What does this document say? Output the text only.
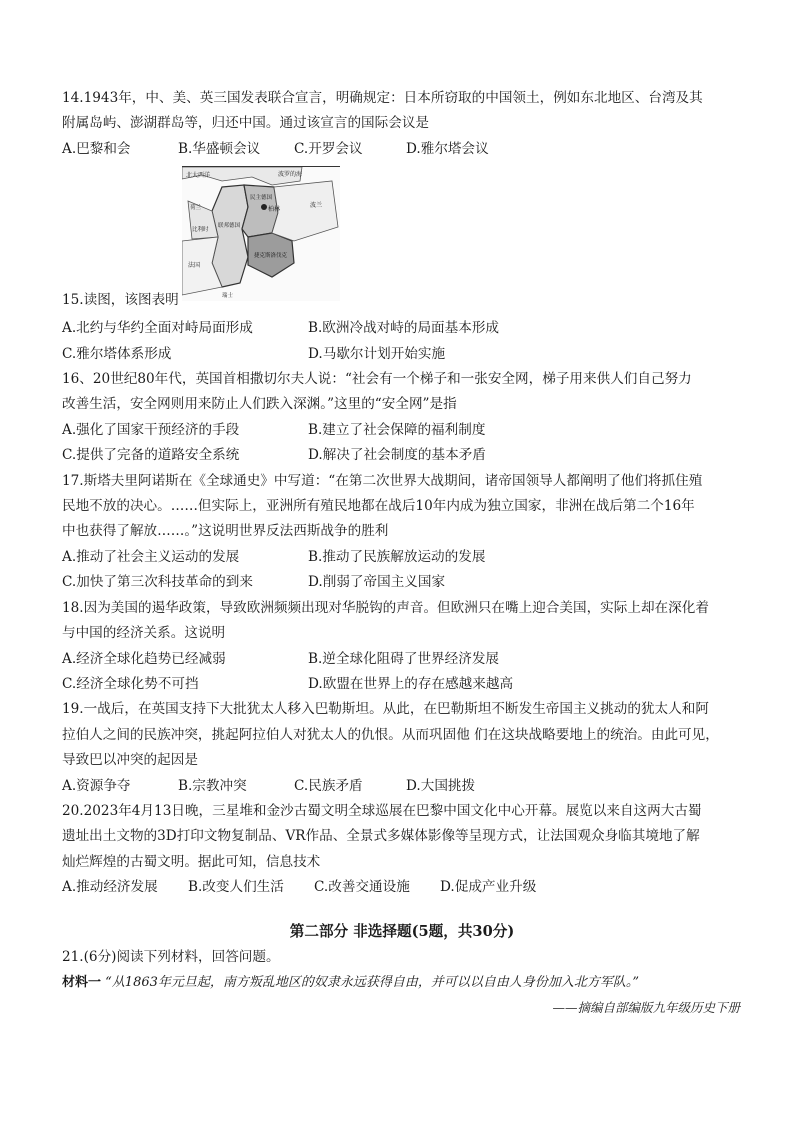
14.1943年，中、美、英三国发表联合宣言，明确规定：日本所窃取的中国领土，例如东北地区、台湾及其
附属岛屿、澎湖群岛等，归还中国。通过该宣言的国际会议是
A.巴黎和会	B.华盛顿会议	C.开罗会议	D.雅尔塔会议
北大西洋	波罗的海
民主德国
柏林
联邦德国
捷克斯洛伐克
波兰
荷兰
比利时
法国
瑞士
15.读图，该图表明
A.北约与华约全面对峙局面形成	B.欧洲冷战对峙的局面基本形成
C.雅尔塔体系形成	D.马歇尔计划开始实施
16、20世纪80年代，英国首相撒切尔夫人说：“社会有一个梯子和一张安全网，梯子用来供人们自己努力
改善生活，安全网则用来防止人们跌入深渊。”这里的“安全网”是指
A.强化了国家干预经济的手段	B.建立了社会保障的福利制度
C.提供了完备的道路安全系统	D.解决了社会制度的基本矛盾
17.斯塔夫里阿诺斯在《全球通史》中写道：“在第二次世界大战期间，诸帝国领导人都阐明了他们将抓住殖
民地不放的决心。……但实际上，亚洲所有殖民地都在战后10年内成为独立国家，非洲在战后第二个16年
中也获得了解放……。”这说明世界反法西斯战争的胜利
A.推动了社会主义运动的发展	B.推动了民族解放运动的发展
C.加快了第三次科技革命的到来	D.削弱了帝国主义国家
18.因为美国的遏华政策，导致欧洲频频出现对华脱钩的声音。但欧洲只在嘴上迎合美国，实际上却在深化着
与中国的经济关系。这说明
A.经济全球化趋势已经减弱	B.逆全球化阻碍了世界经济发展
C.经济全球化势不可挡	D.欧盟在世界上的存在感越来越高
19.一战后，在英国支持下大批犹太人移入巴勒斯坦。从此，在巴勒斯坦不断发生帝国主义挑动的犹太人和阿
拉伯人之间的民族冲突，挑起阿拉伯人对犹太人的仇恨。从而巩固他 们在这块战略要地上的统治。由此可见，
导致巴以冲突的起因是
A.资源争夺	B.宗教冲突	C.民族矛盾	D.大国挑拨
20.2023年4月13日晚，三星堆和金沙古蜀文明全球巡展在巴黎中国文化中心开幕。展览以来自这两大古蜀
遗址出土文物的3D打印文物复制品、VR作品、全景式多媒体影像等呈现方式，让法国观众身临其境地了解
灿烂辉煌的古蜀文明。据此可知，信息技术
A.推动经济发展	B.改变人们生活	C.改善交通设施	D.促成产业升级
第二部分 非选择题(5题，共30分)
21.(6分)阅读下列材料，回答问题。
材料一 “从1863年元旦起，南方叛乱地区的奴隶永远获得自由，并可以以自由人身份加入北方军队。”
——摘编自部编版九年级历史下册
